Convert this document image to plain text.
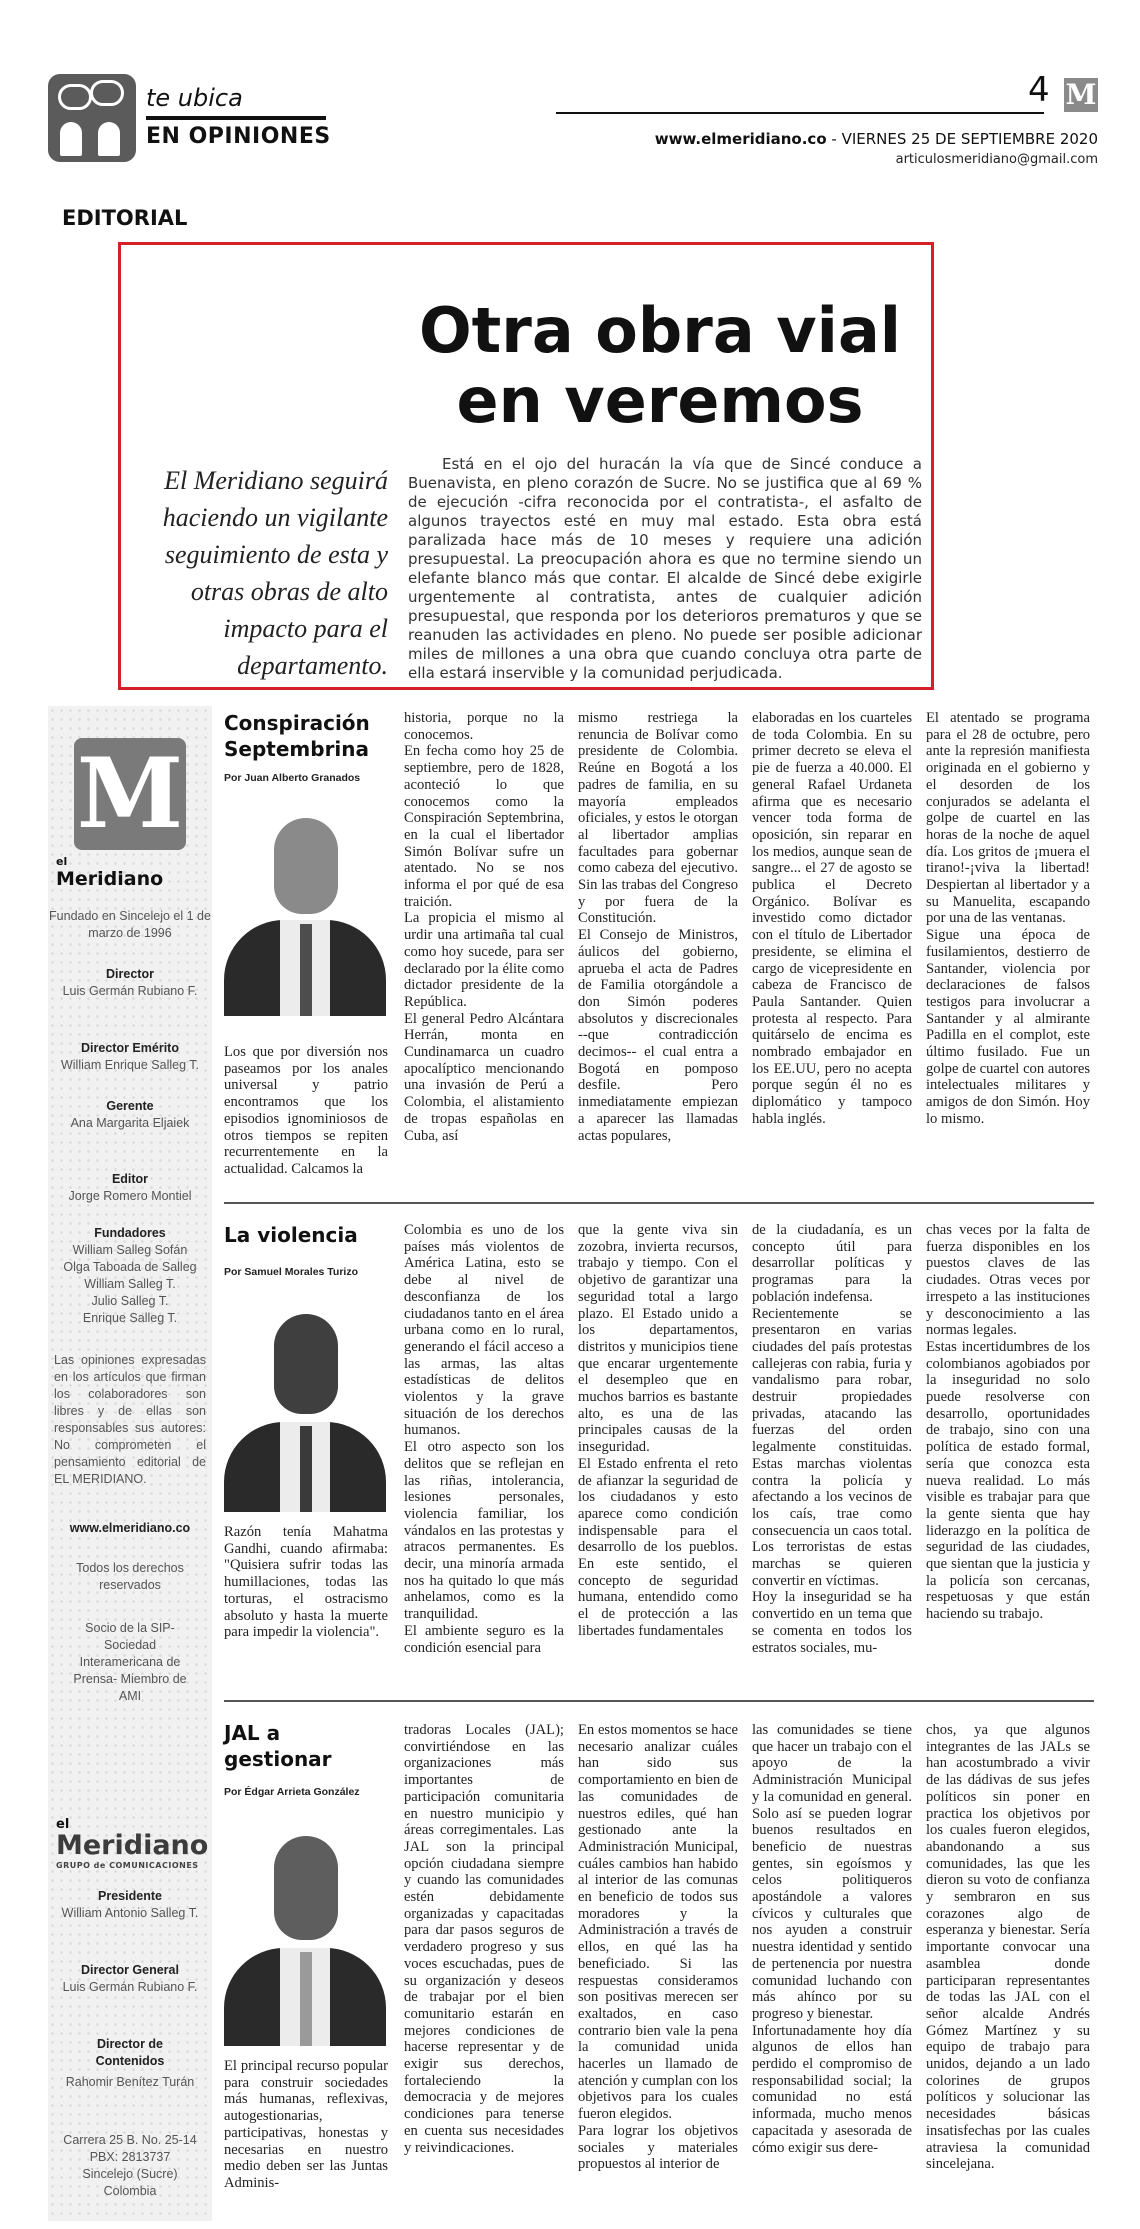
te ubica
EN OPINIONES
4 M
www.elmeridiano.co - VIERNES 25 DE SEPTIEMBRE 2020
articulosmeridiano@gmail.com
EDITORIAL
Otra obra vial en veremos
El Meridiano seguirá haciendo un vigilante seguimiento de esta y otras obras de alto impacto para el departamento.
Está en el ojo del huracán la vía que de Sincé conduce a Buenavista, en pleno corazón de Sucre. No se justifica que al 69 % de ejecución -cifra reconocida por el contratista-, el asfalto de algunos trayectos esté en muy mal estado. Esta obra está paralizada hace más de 10 meses y requiere una adición presupuestal. La preocupación ahora es que no termine siendo un elefante blanco más que contar. El alcalde de Sincé debe exigirle urgentemente al contratista, antes de cualquier adición presupuestal, que responda por los deterioros prematuros y que se reanuden las actividades en pleno. No puede ser posible adicionar miles de millones a una obra que cuando concluya otra parte de ella estará inservible y la comunidad perjudicada.
M
el
Meridiano
Fundado en Sincelejo el 1 de marzo de 1996
Director
Luis Germán Rubiano F.
Director Emérito
William Enrique Salleg T.
Gerente
Ana Margarita Eljaiek
Editor
Jorge Romero Montiel
Fundadores
William Salleg Sofán
Olga Taboada de Salleg
William Salleg T.
Julio Salleg T.
Enrique Salleg T.
Las opiniones expresadas en los artículos que firman los colaboradores son libres y de ellas son responsables sus autores: No comprometen el pensamiento editorial de EL MERIDIANO.
www.elmeridiano.co
Todos los derechos reservados
Socio de la SIP- Sociedad Interamericana de Prensa- Miembro de AMI
el
Meridiano
GRUPO de COMUNICACIONES
Presidente
William Antonio Salleg T.
Director General
Luis Germán Rubiano F.
Director de Contenidos
Rahomir Benítez Turán
Carrera 25 B. No. 25-14
PBX: 2813737
Sincelejo (Sucre)
Colombia
Conspiración Septembrina
Por Juan Alberto Granados
Los que por diversión nos paseamos por los anales universal y patrio encontramos que los episodios ignominiosos de otros tiempos se repiten recurrentemente en la actualidad. Calcamos la
historia, porque no la conocemos.
En fecha como hoy 25 de septiembre, pero de 1828, aconteció lo que conocemos como la Conspiración Septembrina, en la cual el libertador Simón Bolívar sufre un atentado. No se nos informa el por qué de esa traición.
La propicia el mismo al urdir una artimaña tal cual como hoy sucede, para ser declarado por la élite como dictador presidente de la República.
El general Pedro Alcántara Herrán, monta en Cundinamarca un cuadro apocalíptico mencionando una invasión de Perú a Colombia, el alistamiento de tropas españolas en Cuba, así
mismo restriega la renuncia de Bolívar como presidente de Colombia. Reúne en Bogotá a los padres de familia, en su mayoría empleados oficiales, y estos le otorgan al libertador amplias facultades para gobernar como cabeza del ejecutivo. Sin las trabas del Congreso y por fuera de la Constitución.
El Consejo de Ministros, áulicos del gobierno, aprueba el acta de Padres de Familia otorgándole a don Simón poderes absolutos y discrecionales --que contradicción decimos-- el cual entra a Bogotá en pomposo desfile. Pero inmediatamente empiezan a aparecer las llamadas actas populares,
elaboradas en los cuarteles de toda Colombia. En su primer decreto se eleva el pie de fuerza a 40.000. El general Rafael Urdaneta afirma que es necesario vencer toda forma de oposición, sin reparar en los medios, aunque sean de sangre... el 27 de agosto se publica el Decreto Orgánico. Bolívar es investido como dictador con el título de Libertador presidente, se elimina el cargo de vicepresidente en cabeza de Francisco de Paula Santander. Quien protesta al respecto. Para quitárselo de encima es nombrado embajador en los EE.UU, pero no acepta porque según él no es diplomático y tampoco habla inglés.
El atentado se programa para el 28 de octubre, pero ante la represión manifiesta originada en el gobierno y el desorden de los conjurados se adelanta el golpe de cuartel en las horas de la noche de aquel día. Los gritos de ¡muera el tirano!-¡viva la libertad! Despiertan al libertador y a su Manuelita, escapando por una de las ventanas.
Sigue una época de fusilamientos, destierro de Santander, violencia por declaraciones de falsos testigos para involucrar a Santander y al almirante Padilla en el complot, este último fusilado. Fue un golpe de cuartel con autores intelectuales militares y amigos de don Simón. Hoy lo mismo.
La violencia
Por Samuel Morales Turizo
Razón tenía Mahatma Gandhi, cuando afirmaba: "Quisiera sufrir todas las humillaciones, todas las torturas, el ostracismo absoluto y hasta la muerte para impedir la violencia".
Colombia es uno de los países más violentos de América Latina, esto se debe al nivel de desconfianza de los ciudadanos tanto en el área urbana como en lo rural, generando el fácil acceso a las armas, las altas estadísticas de delitos violentos y la grave situación de los derechos humanos.
El otro aspecto son los delitos que se reflejan en las riñas, intolerancia, lesiones personales, violencia familiar, los vándalos en las protestas y atracos permanentes. Es decir, una minoría armada nos ha quitado lo que más anhelamos, como es la tranquilidad.
El ambiente seguro es la condición esencial para
que la gente viva sin zozobra, invierta recursos, trabajo y tiempo. Con el objetivo de garantizar una seguridad total a largo plazo. El Estado unido a los departamentos, distritos y municipios tiene que encarar urgentemente el desempleo que en muchos barrios es bastante alto, es una de las principales causas de la inseguridad.
El Estado enfrenta el reto de afianzar la seguridad de los ciudadanos y esto aparece como condición indispensable para el desarrollo de los pueblos. En este sentido, el concepto de seguridad humana, entendido como el de protección a las libertades fundamentales
de la ciudadanía, es un concepto útil para desarrollar políticas y programas para la población indefensa.
Recientemente se presentaron en varias ciudades del país protestas callejeras con rabia, furia y vandalismo para robar, destruir propiedades privadas, atacando las fuerzas del orden legalmente constituidas. Estas marchas violentas contra la policía y afectando a los vecinos de los caís, trae como consecuencia un caos total. Los terroristas de estas marchas se quieren convertir en víctimas.
Hoy la inseguridad se ha convertido en un tema que se comenta en todos los estratos sociales, mu-
chas veces por la falta de fuerza disponibles en los puestos claves de las ciudades. Otras veces por irrespeto a las instituciones y desconocimiento a las normas legales.
Estas incertidumbres de los colombianos agobiados por la inseguridad no solo puede resolverse con desarrollo, oportunidades de trabajo, sino con una política de estado formal, sería que conozca esta nueva realidad. Lo más visible es trabajar para que la gente sienta que hay liderazgo en la política de seguridad de las ciudades, que sientan que la justicia y la policía son cercanas, respetuosas y que están haciendo su trabajo.
JAL a gestionar
Por Édgar Arrieta González
El principal recurso popular para construir sociedades más humanas, reflexivas, autogestionarias, participativas, honestas y necesarias en nuestro medio deben ser las Juntas Adminis-
tradoras Locales (JAL); convirtiéndose en las organizaciones más importantes de participación comunitaria en nuestro municipio y áreas corregimentales. Las JAL son la principal opción ciudadana siempre y cuando las comunidades estén debidamente organizadas y capacitadas para dar pasos seguros de verdadero progreso y sus voces escuchadas, pues de su organización y deseos de trabajar por el bien comunitario estarán en mejores condiciones de hacerse representar y de exigir sus derechos, fortaleciendo la democracia y de mejores condiciones para tenerse en cuenta sus necesidades y reivindicaciones.
En estos momentos se hace necesario analizar cuáles han sido sus comportamiento en bien de las comunidades de nuestros ediles, qué han gestionado ante la Administración Municipal, cuáles cambios han habido al interior de las comunas en beneficio de todos sus moradores y la Administración a través de ellos, en qué las ha beneficiado. Si las respuestas consideramos son positivas merecen ser exaltados, en caso contrario bien vale la pena la comunidad unida hacerles un llamado de atención y cumplan con los objetivos para los cuales fueron elegidos.
Para lograr los objetivos sociales y materiales propuestos al interior de
las comunidades se tiene que hacer un trabajo con el apoyo de la Administración Municipal y la comunidad en general. Solo así se pueden lograr buenos resultados en beneficio de nuestras gentes, sin egoísmos y celos politiqueros apostándole a valores cívicos y culturales que nos ayuden a construir nuestra identidad y sentido de pertenencia por nuestra comunidad luchando con más ahínco por su progreso y bienestar.
Infortunadamente hoy día algunos de ellos han perdido el compromiso de responsabilidad social; la comunidad no está informada, mucho menos capacitada y asesorada de cómo exigir sus dere-
chos, ya que algunos integrantes de las JALs se han acostumbrado a vivir de las dádivas de sus jefes políticos sin poner en practica los objetivos por los cuales fueron elegidos, abandonando a sus comunidades, las que les dieron su voto de confianza y sembraron en sus corazones algo de esperanza y bienestar. Sería importante convocar una asamblea donde participaran representantes de todas las JAL con el señor alcalde Andrés Gómez Martínez y su equipo de trabajo para unidos, dejando a un lado colorines de grupos políticos y solucionar las necesidades básicas insatisfechas por las cuales atraviesa la comunidad sincelejana.
